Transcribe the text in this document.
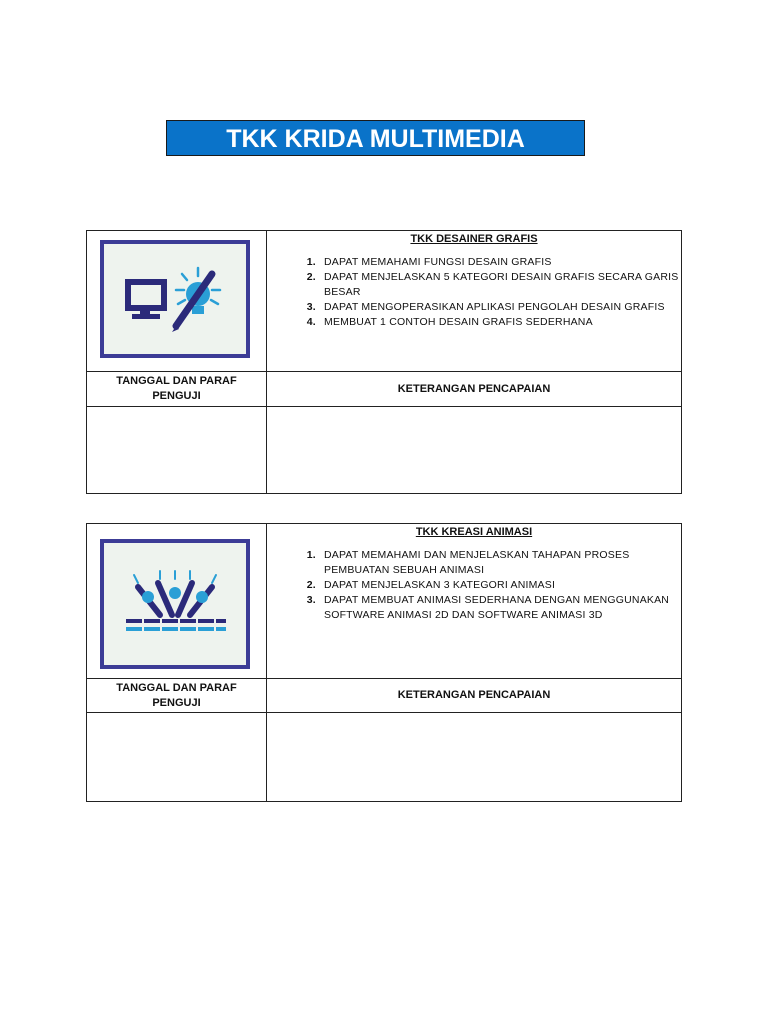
TKK KRIDA MULTIMEDIA
TKK DESAINER GRAFIS
1. DAPAT MEMAHAMI FUNGSI DESAIN GRAFIS
2. DAPAT MENJELASKAN 5 KATEGORI DESAIN GRAFIS SECARA GARIS BESAR
3. DAPAT MENGOPERASIKAN APLIKASI PENGOLAH DESAIN GRAFIS
4. MEMBUAT 1 CONTOH DESAIN GRAFIS SEDERHANA
TANGGAL DAN PARAF PENGUJI
KETERANGAN PENCAPAIAN
TKK KREASI ANIMASI
1. DAPAT MEMAHAMI DAN MENJELASKAN TAHAPAN PROSES PEMBUATAN SEBUAH ANIMASI
2. DAPAT MENJELASKAN 3 KATEGORI ANIMASI
3. DAPAT MEMBUAT ANIMASI SEDERHANA DENGAN MENGGUNAKAN SOFTWARE ANIMASI 2D DAN SOFTWARE ANIMASI 3D
TANGGAL DAN PARAF PENGUJI
KETERANGAN PENCAPAIAN
